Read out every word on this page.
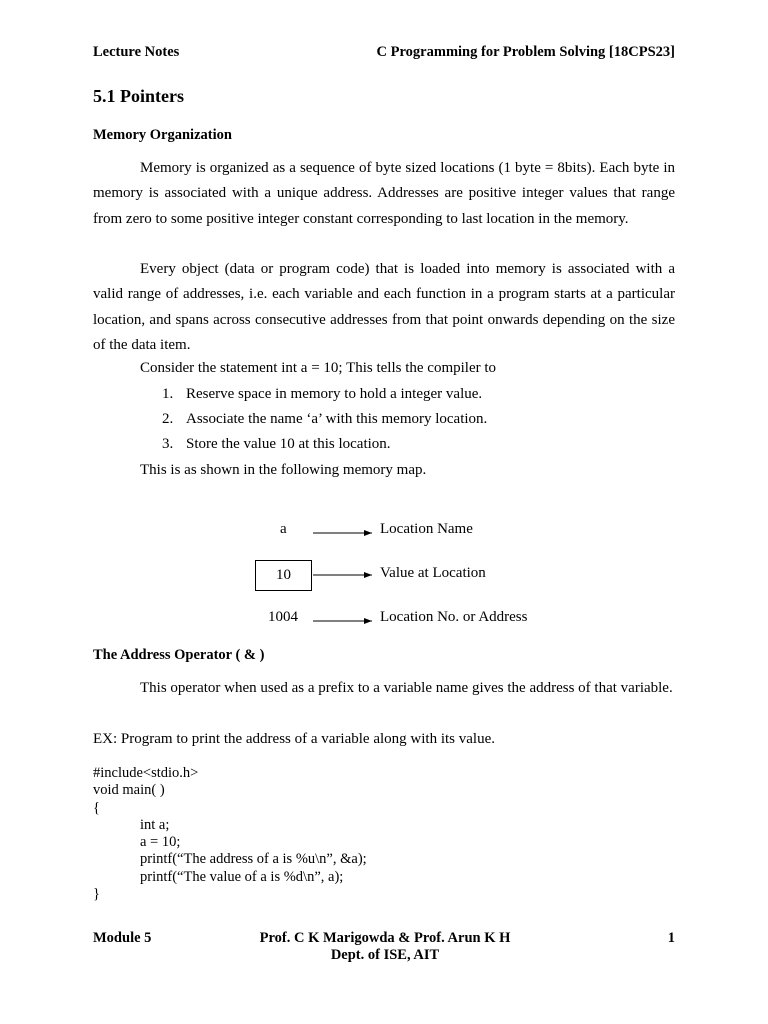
Lecture Notes	C Programming for Problem Solving [18CPS23]
5.1 Pointers
Memory Organization

Memory is organized as a sequence of byte sized locations (1 byte = 8bits). Each byte in memory is associated with a unique address. Addresses are positive integer values that range from zero to some positive integer constant corresponding to last location in the memory.

Every object (data or program code) that is loaded into memory is associated with a valid range of addresses, i.e. each variable and each function in a program starts at a particular location, and spans across consecutive addresses from that point onwards depending on the size of the data item.

Consider the statement int a = 10; This tells the compiler to
1. Reserve space in memory to hold a integer value.
2. Associate the name ‘a’ with this memory location.
3. Store the value 10 at this location.
This is as shown in the following memory map.
a
10
1004
Location Name
Value at Location
Location No. or Address
The Address Operator ( & )

This operator when used as a prefix to a variable name gives the address of that variable.

EX: Program to print the address of a variable along with its value.
#include<stdio.h>
void main( )
{
int a;
a = 10;
printf(“The address of a is %u\n”, &a);
printf(“The value of a is %d\n”, a);
}
Module 5	Prof. C K Marigowda & Prof. Arun K H
Dept. of ISE, AIT
1
